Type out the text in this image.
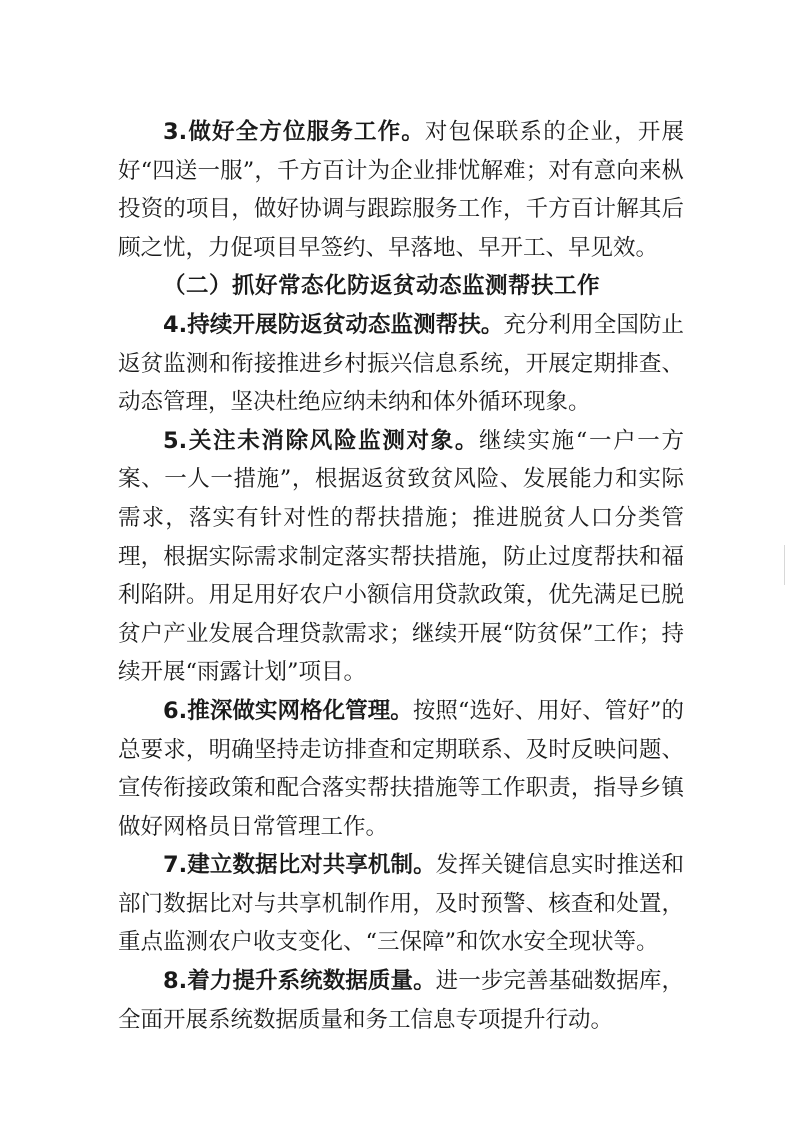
3.做好全方位服务工作。对包保联系的企业，开展好“四送一服”，千方百计为企业排忧解难；对有意向来枞投资的项目，做好协调与跟踪服务工作，千方百计解其后顾之忧，力促项目早签约、早落地、早开工、早见效。

（二）抓好常态化防返贫动态监测帮扶工作

4.持续开展防返贫动态监测帮扶。充分利用全国防止返贫监测和衔接推进乡村振兴信息系统，开展定期排查、动态管理，坚决杜绝应纳未纳和体外循环现象。

5.关注未消除风险监测对象。继续实施“一户一方案、一人一措施”，根据返贫致贫风险、发展能力和实际需求，落实有针对性的帮扶措施；推进脱贫人口分类管理，根据实际需求制定落实帮扶措施，防止过度帮扶和福利陷阱。用足用好农户小额信用贷款政策，优先满足已脱贫户产业发展合理贷款需求；继续开展“防贫保”工作；持续开展“雨露计划”项目。

6.推深做实网格化管理。按照“选好、用好、管好”的总要求，明确坚持走访排查和定期联系、及时反映问题、宣传衔接政策和配合落实帮扶措施等工作职责，指导乡镇做好网格员日常管理工作。

7.建立数据比对共享机制。发挥关键信息实时推送和部门数据比对与共享机制作用，及时预警、核查和处置，重点监测农户收支变化、“三保障”和饮水安全现状等。

8.着力提升系统数据质量。进一步完善基础数据库，全面开展系统数据质量和务工信息专项提升行动。
